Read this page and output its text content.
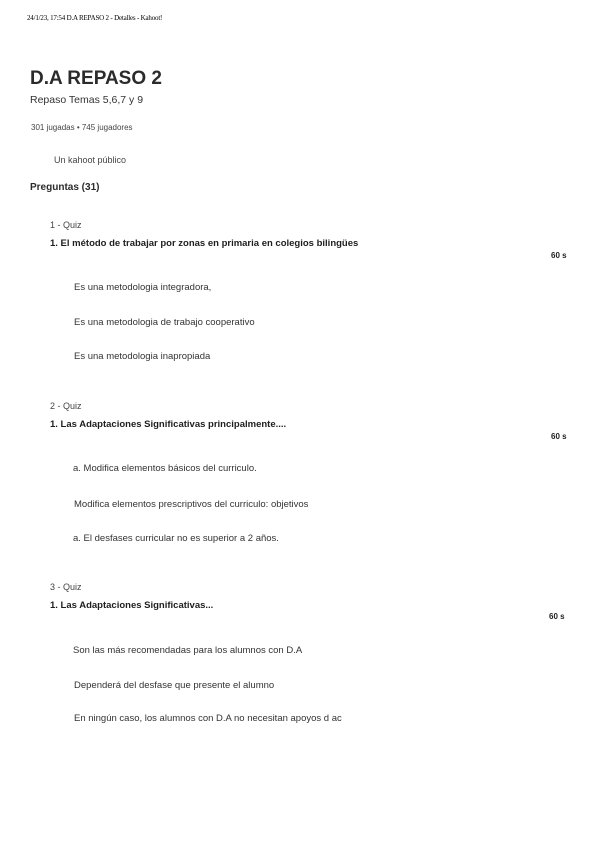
24/1/23, 17:54 D.A REPASO 2 - Detalles - Kahoot!
D.A REPASO 2
Repaso Temas 5,6,7 y 9
301 jugadas • 745 jugadores
Un kahoot público
Preguntas (31)
1 - Quiz
1. El método de trabajar por zonas en primaria en colegios bilingües
60 s
Es una metodologia integradora,
Es una metodologia de trabajo cooperativo
Es una metodologia inapropiada
2 - Quiz
1. Las Adaptaciones Significativas principalmente....
60 s
a. Modifica elementos básicos del curriculo.
Modifica elementos prescriptivos del curriculo: objetivos
a. El desfases curricular no es superior a 2 años.
3 - Quiz
1. Las Adaptaciones Significativas...
60 s
Son las más recomendadas para los alumnos con D.A
Dependerá del desfase que presente el alumno
En ningún caso, los alumnos con D.A no necesitan apoyos d ac
